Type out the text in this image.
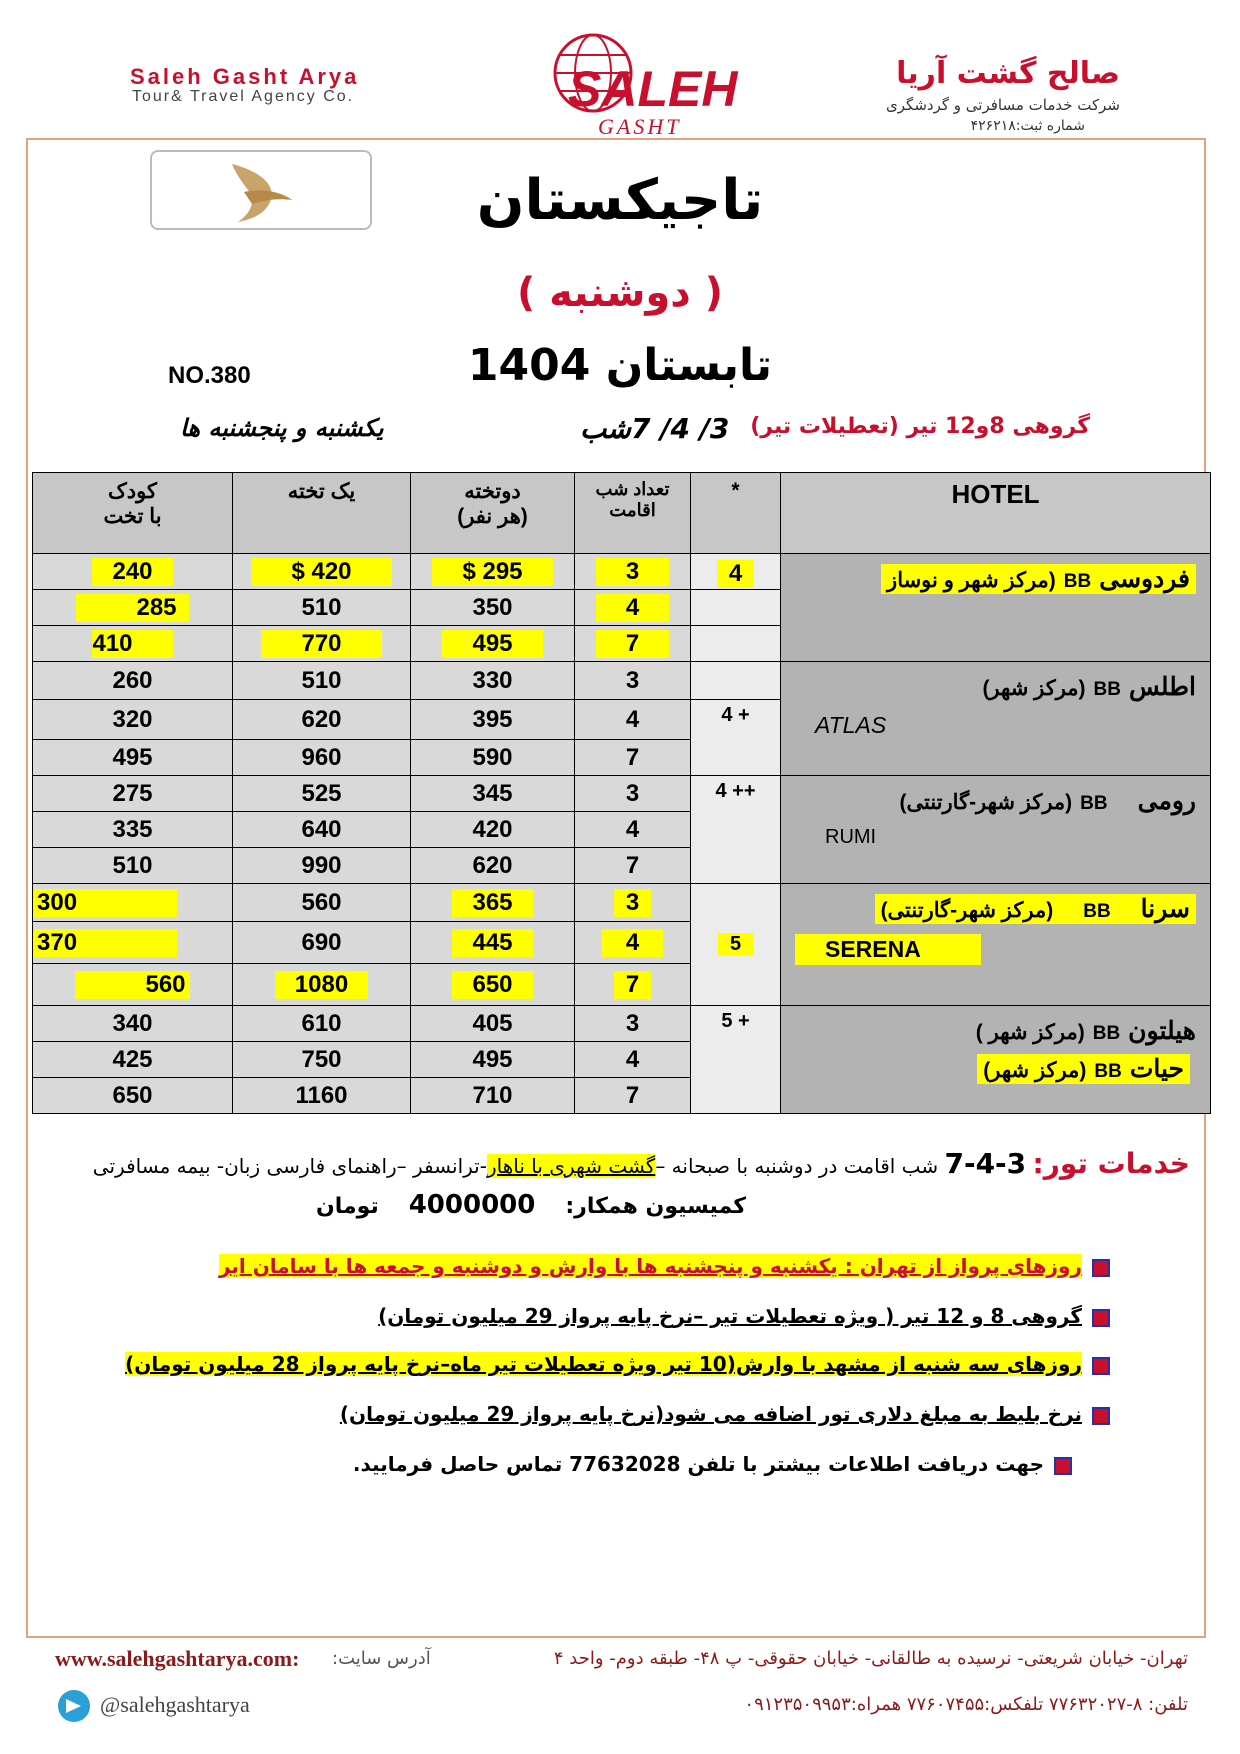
Saleh Gasht Arya
Tour& Travel Agency Co.	SALEH
GASHT
صالح گشت آریا
شرکت خدمات مسافرتی و گردشگری
شماره ثبت:۴۲۶۲۱۸
تاجیکستان
( دوشنبه )
تابستان 1404
NO.380
3/ 4/ 7شب
یکشنبه و پنجشنبه ها	گروهی 8و12 تیر (تعطیلات تیر)
کودک
با تخت	یک تخته	دوتخته
(هر نفر)	تعداد شب
اقامت	*	HOTEL
240	$ 420	$ 295	3	4	فردوسیBB(مرکز شهر و نوساز
285	510	350	4		
410	770	495	7		
260	510	330	3		اطلسBB(مرکز شهر)
ATLAS

320	620	395	4	4 +	
495	960	590	7		
275	525	345	3	4 ++	رومیBB(مرکز شهر-گارتنتی)
RUMI

335	640	420	4		
510	990	620	7		
300	560	365	3	5	سرناBB(مرکز شهر-گارتنتی)
SERENA

370	690	445	4		
560	1080	650	7		
340	610	405	3	5 +	هیلتونBB(مرکز شهر )
حیاتBB(مرکز شهر)

425	750	495	4		
650	1160	710	7		
خدمات تور: 3-4-7 شب اقامت در دوشنبه با صبحانه –گشت شهری با ناهار-ترانسفر –راهنمای فارسی زبان- بیمه مسافرتی
کمیسیون همکار:4000000تومان
روزهای پرواز از تهران : یکشنبه و پنجشنبه ها با وارش و دوشنبه و جمعه ها با سامان ایر
گروهی 8 و 12 تیر ( ویژه تعطیلات تیر –نرخ پایه پرواز 29 میلیون تومان)
روزهای سه شنبه از مشهد با وارش(10 تیر ویژه تعطیلات تیر ماه–نرخ پایه پرواز 28 میلیون تومان)
نرخ بلیط به مبلغ دلاری تور اضافه می شود(نرخ پایه پرواز 29 میلیون تومان)
جهت دریافت اطلاعات بیشتر با تلفن 77632028 تماس حاصل فرمایید.
www.salehgashtarya.com: آدرس سایت:	تهران- خیابان شریعتی- نرسیده به طالقانی- خیابان حقوقی- پ ۴۸- طبقه دوم- واحد ۴
@salehgashtarya	تلفن: ۸-۷۷۶۳۲۰۲۷ تلفکس:۷۷۶۰۷۴۵۵ همراه:۰۹۱۲۳۵۰۹۹۵۳
